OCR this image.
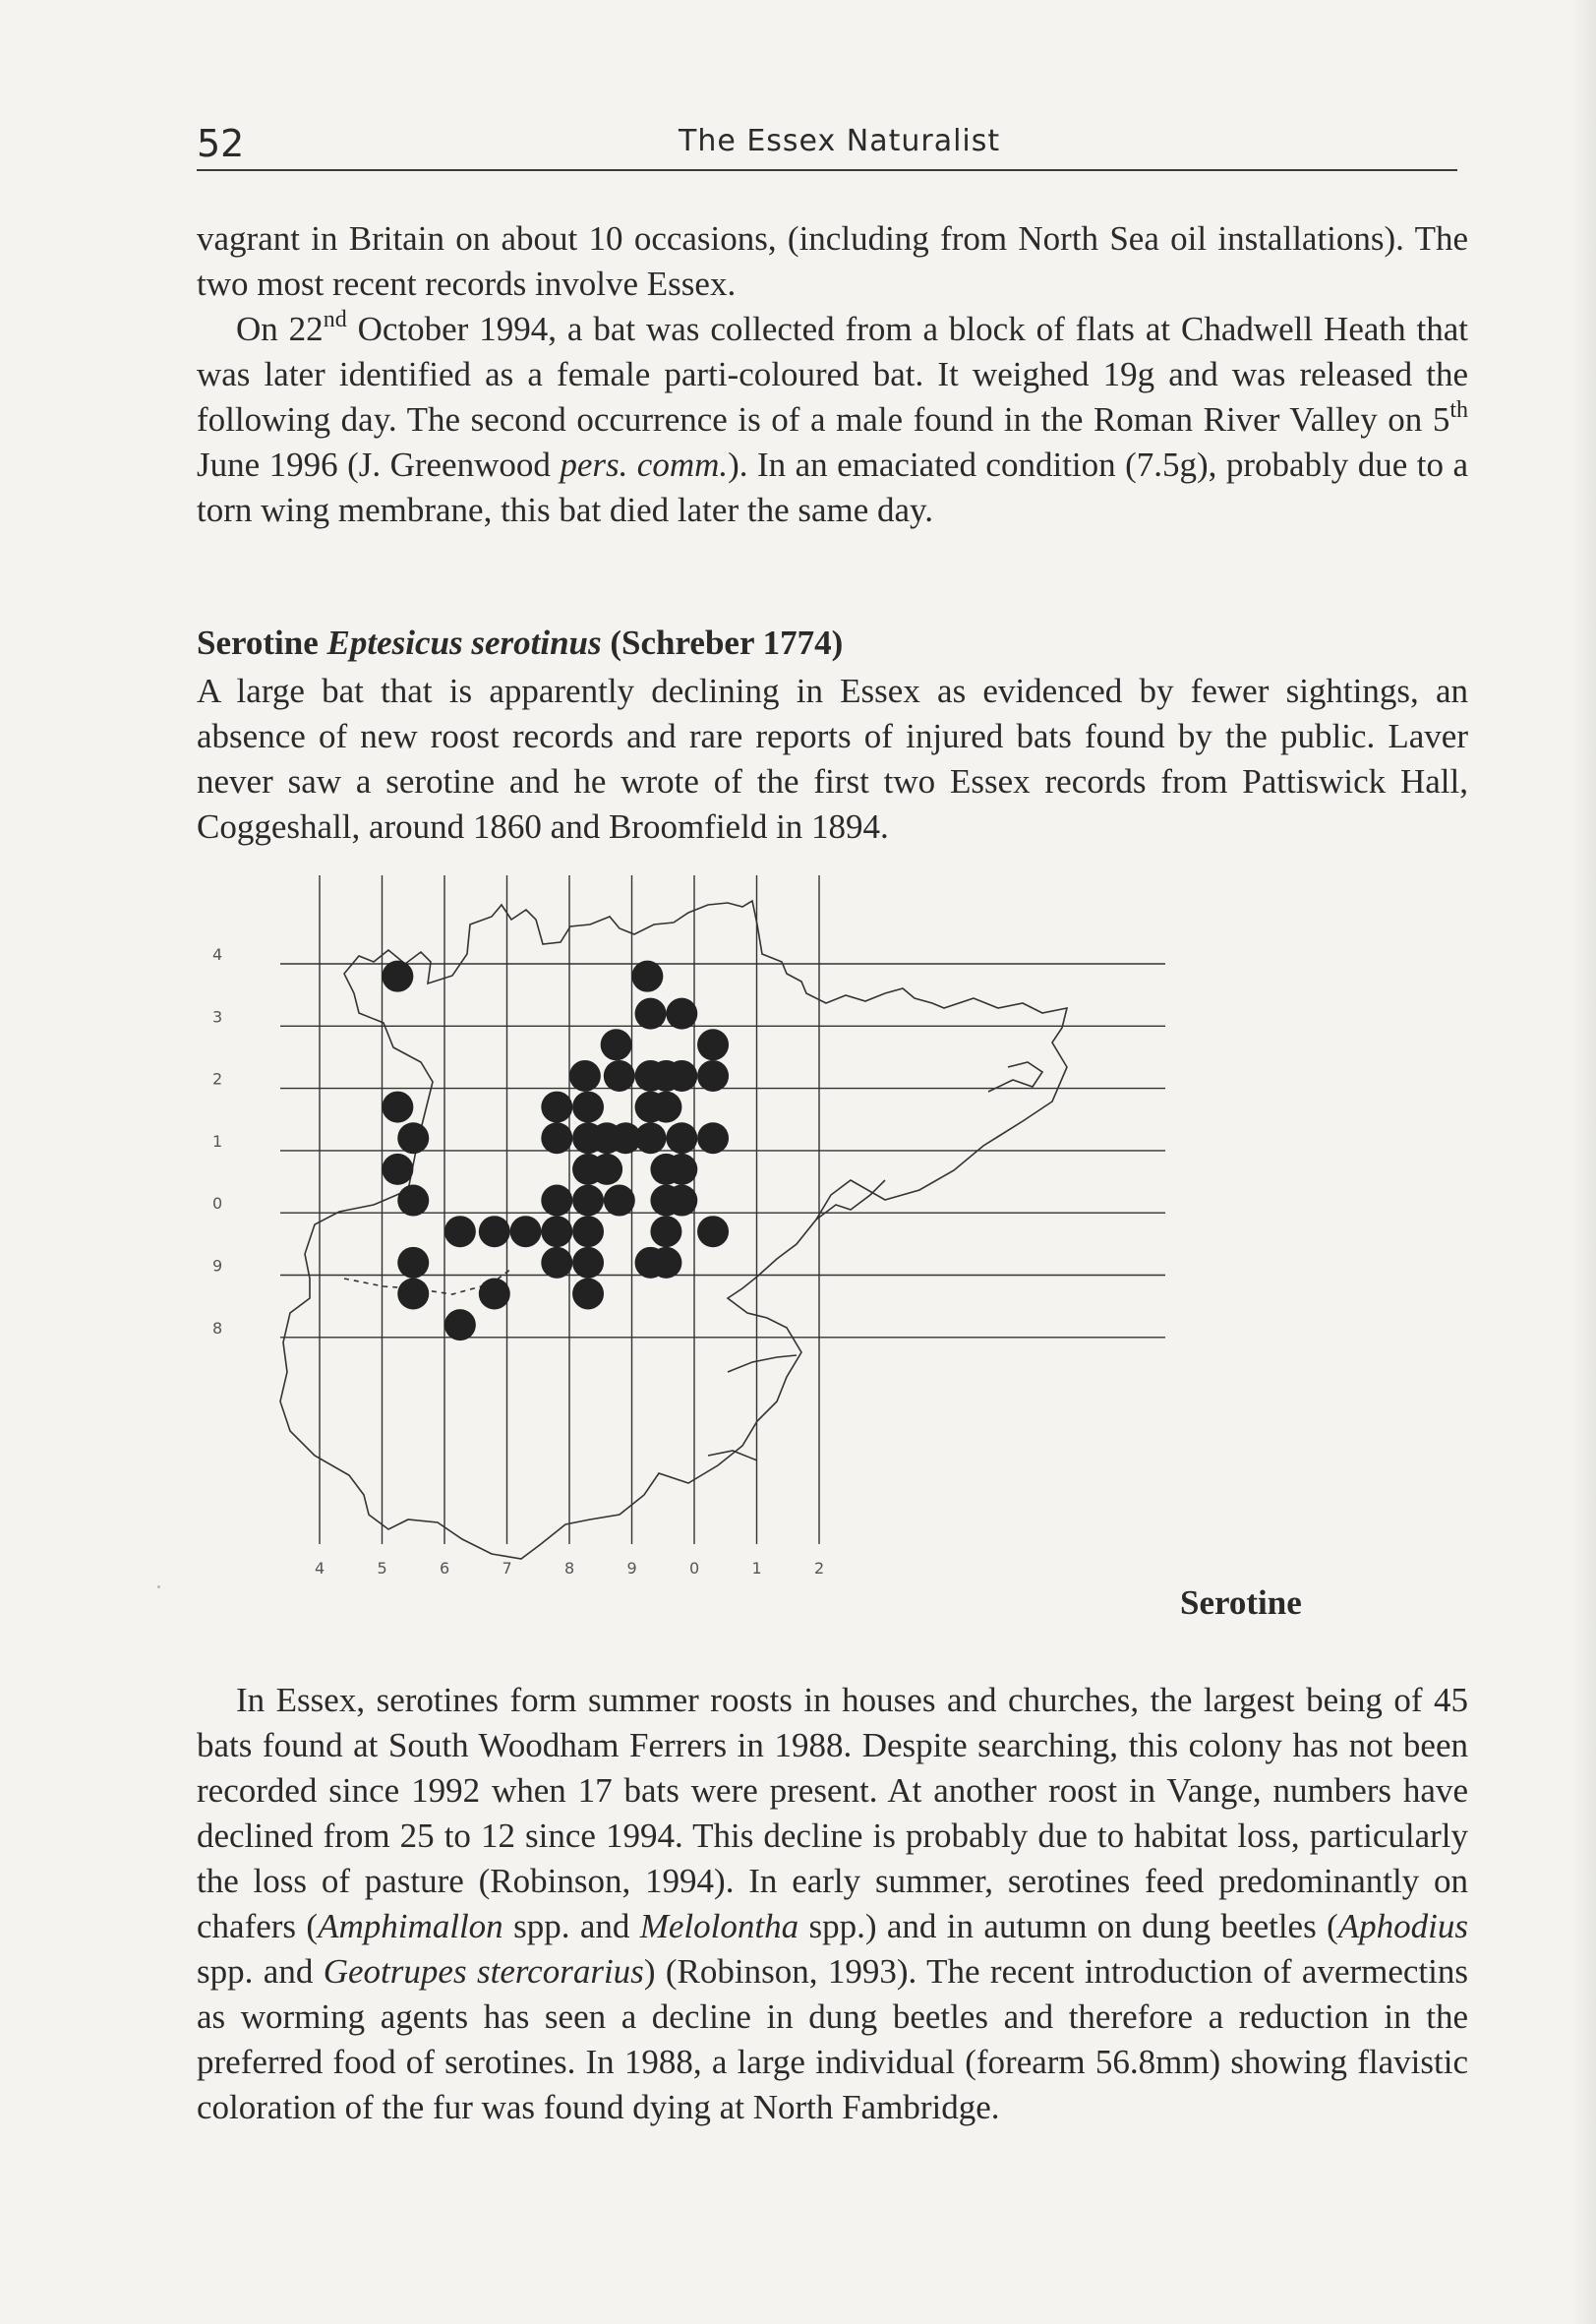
52	The Essex Naturalist

vagrant in Britain on about 10 occasions, (including from North Sea oil installations). The two most recent records involve Essex.

On 22nd October 1994, a bat was collected from a block of flats at Chadwell Heath that was later identified as a female parti-coloured bat. It weighed 19g and was released the following day. The second occurrence is of a male found in the Roman River Valley on 5th June 1996 (J. Greenwood pers. comm.). In an emaciated condition (7.5g), probably due to a torn wing membrane, this bat died later the same day.

Serotine Eptesicus serotinus (Schreber 1774)

A large bat that is apparently declining in Essex as evidenced by fewer sightings, an absence of new roost records and rare reports of injured bats found by the public. Laver never saw a serotine and he wrote of the first two Essex records from Pattiswick Hall, Coggeshall, around 1860 and Broomfield in 1894.

4
3
2
1
0
9
8
4	5	6	7	8	9	0	1	2
Serotine

In Essex, serotines form summer roosts in houses and churches, the largest being of 45 bats found at South Woodham Ferrers in 1988. Despite searching, this colony has not been recorded since 1992 when 17 bats were present. At another roost in Vange, numbers have declined from 25 to 12 since 1994. This decline is probably due to habitat loss, particularly the loss of pasture (Robinson, 1994). In early summer, serotines feed predominantly on chafers (Amphimallon spp. and Melolontha spp.) and in autumn on dung beetles (Aphodius spp. and Geotrupes stercorarius) (Robinson, 1993). The recent introduction of avermectins as worming agents has seen a decline in dung beetles and therefore a reduction in the preferred food of serotines. In 1988, a large individual (forearm 56.8mm) showing flavistic coloration of the fur was found dying at North Fambridge.
